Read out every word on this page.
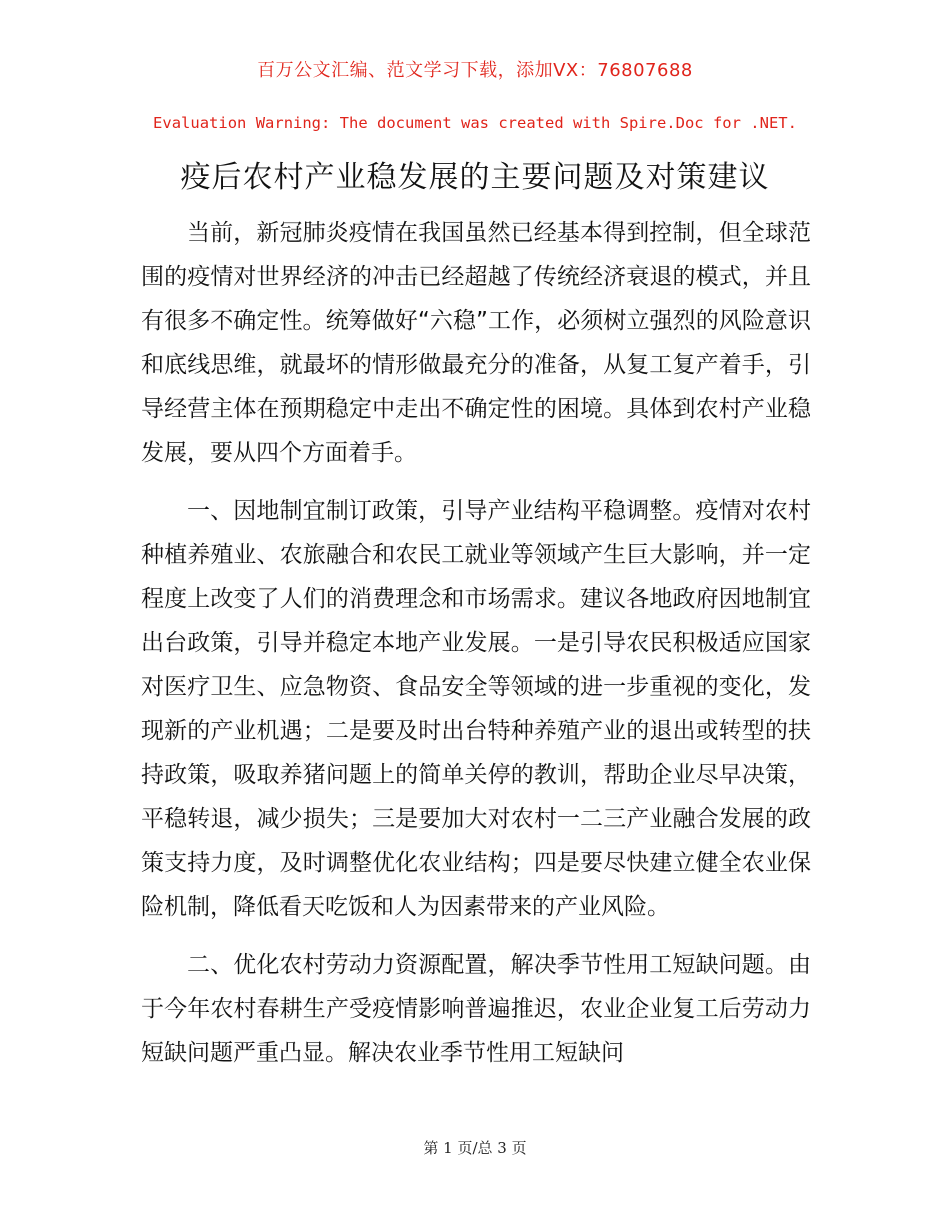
百万公文汇编、范文学习下载，添加VX：76807688
Evaluation Warning: The document was created with Spire.Doc for .NET.
疫后农村产业稳发展的主要问题及对策建议

当前，新冠肺炎疫情在我国虽然已经基本得到控制，但全球范围的疫情对世界经济的冲击已经超越了传统经济衰退的模式，并且有很多不确定性。统筹做好“六稳”工作，必须树立强烈的风险意识和底线思维，就最坏的情形做最充分的准备，从复工复产着手，引导经营主体在预期稳定中走出不确定性的困境。具体到农村产业稳发展，要从四个方面着手。

一、因地制宜制订政策，引导产业结构平稳调整。疫情对农村种植养殖业、农旅融合和农民工就业等领域产生巨大影响，并一定程度上改变了人们的消费理念和市场需求。建议各地政府因地制宜出台政策，引导并稳定本地产业发展。一是引导农民积极适应国家对医疗卫生、应急物资、食品安全等领域的进一步重视的变化，发现新的产业机遇；二是要及时出台特种养殖产业的退出或转型的扶持政策，吸取养猪问题上的简单关停的教训，帮助企业尽早决策，平稳转退，减少损失；三是要加大对农村一二三产业融合发展的政策支持力度，及时调整优化农业结构；四是要尽快建立健全农业保险机制，降低看天吃饭和人为因素带来的产业风险。

二、优化农村劳动力资源配置，解决季节性用工短缺问题。由于今年农村春耕生产受疫情影响普遍推迟，农业企业复工后劳动力短缺问题严重凸显。解决农业季节性用工短缺问

第 1 页/总 3 页
